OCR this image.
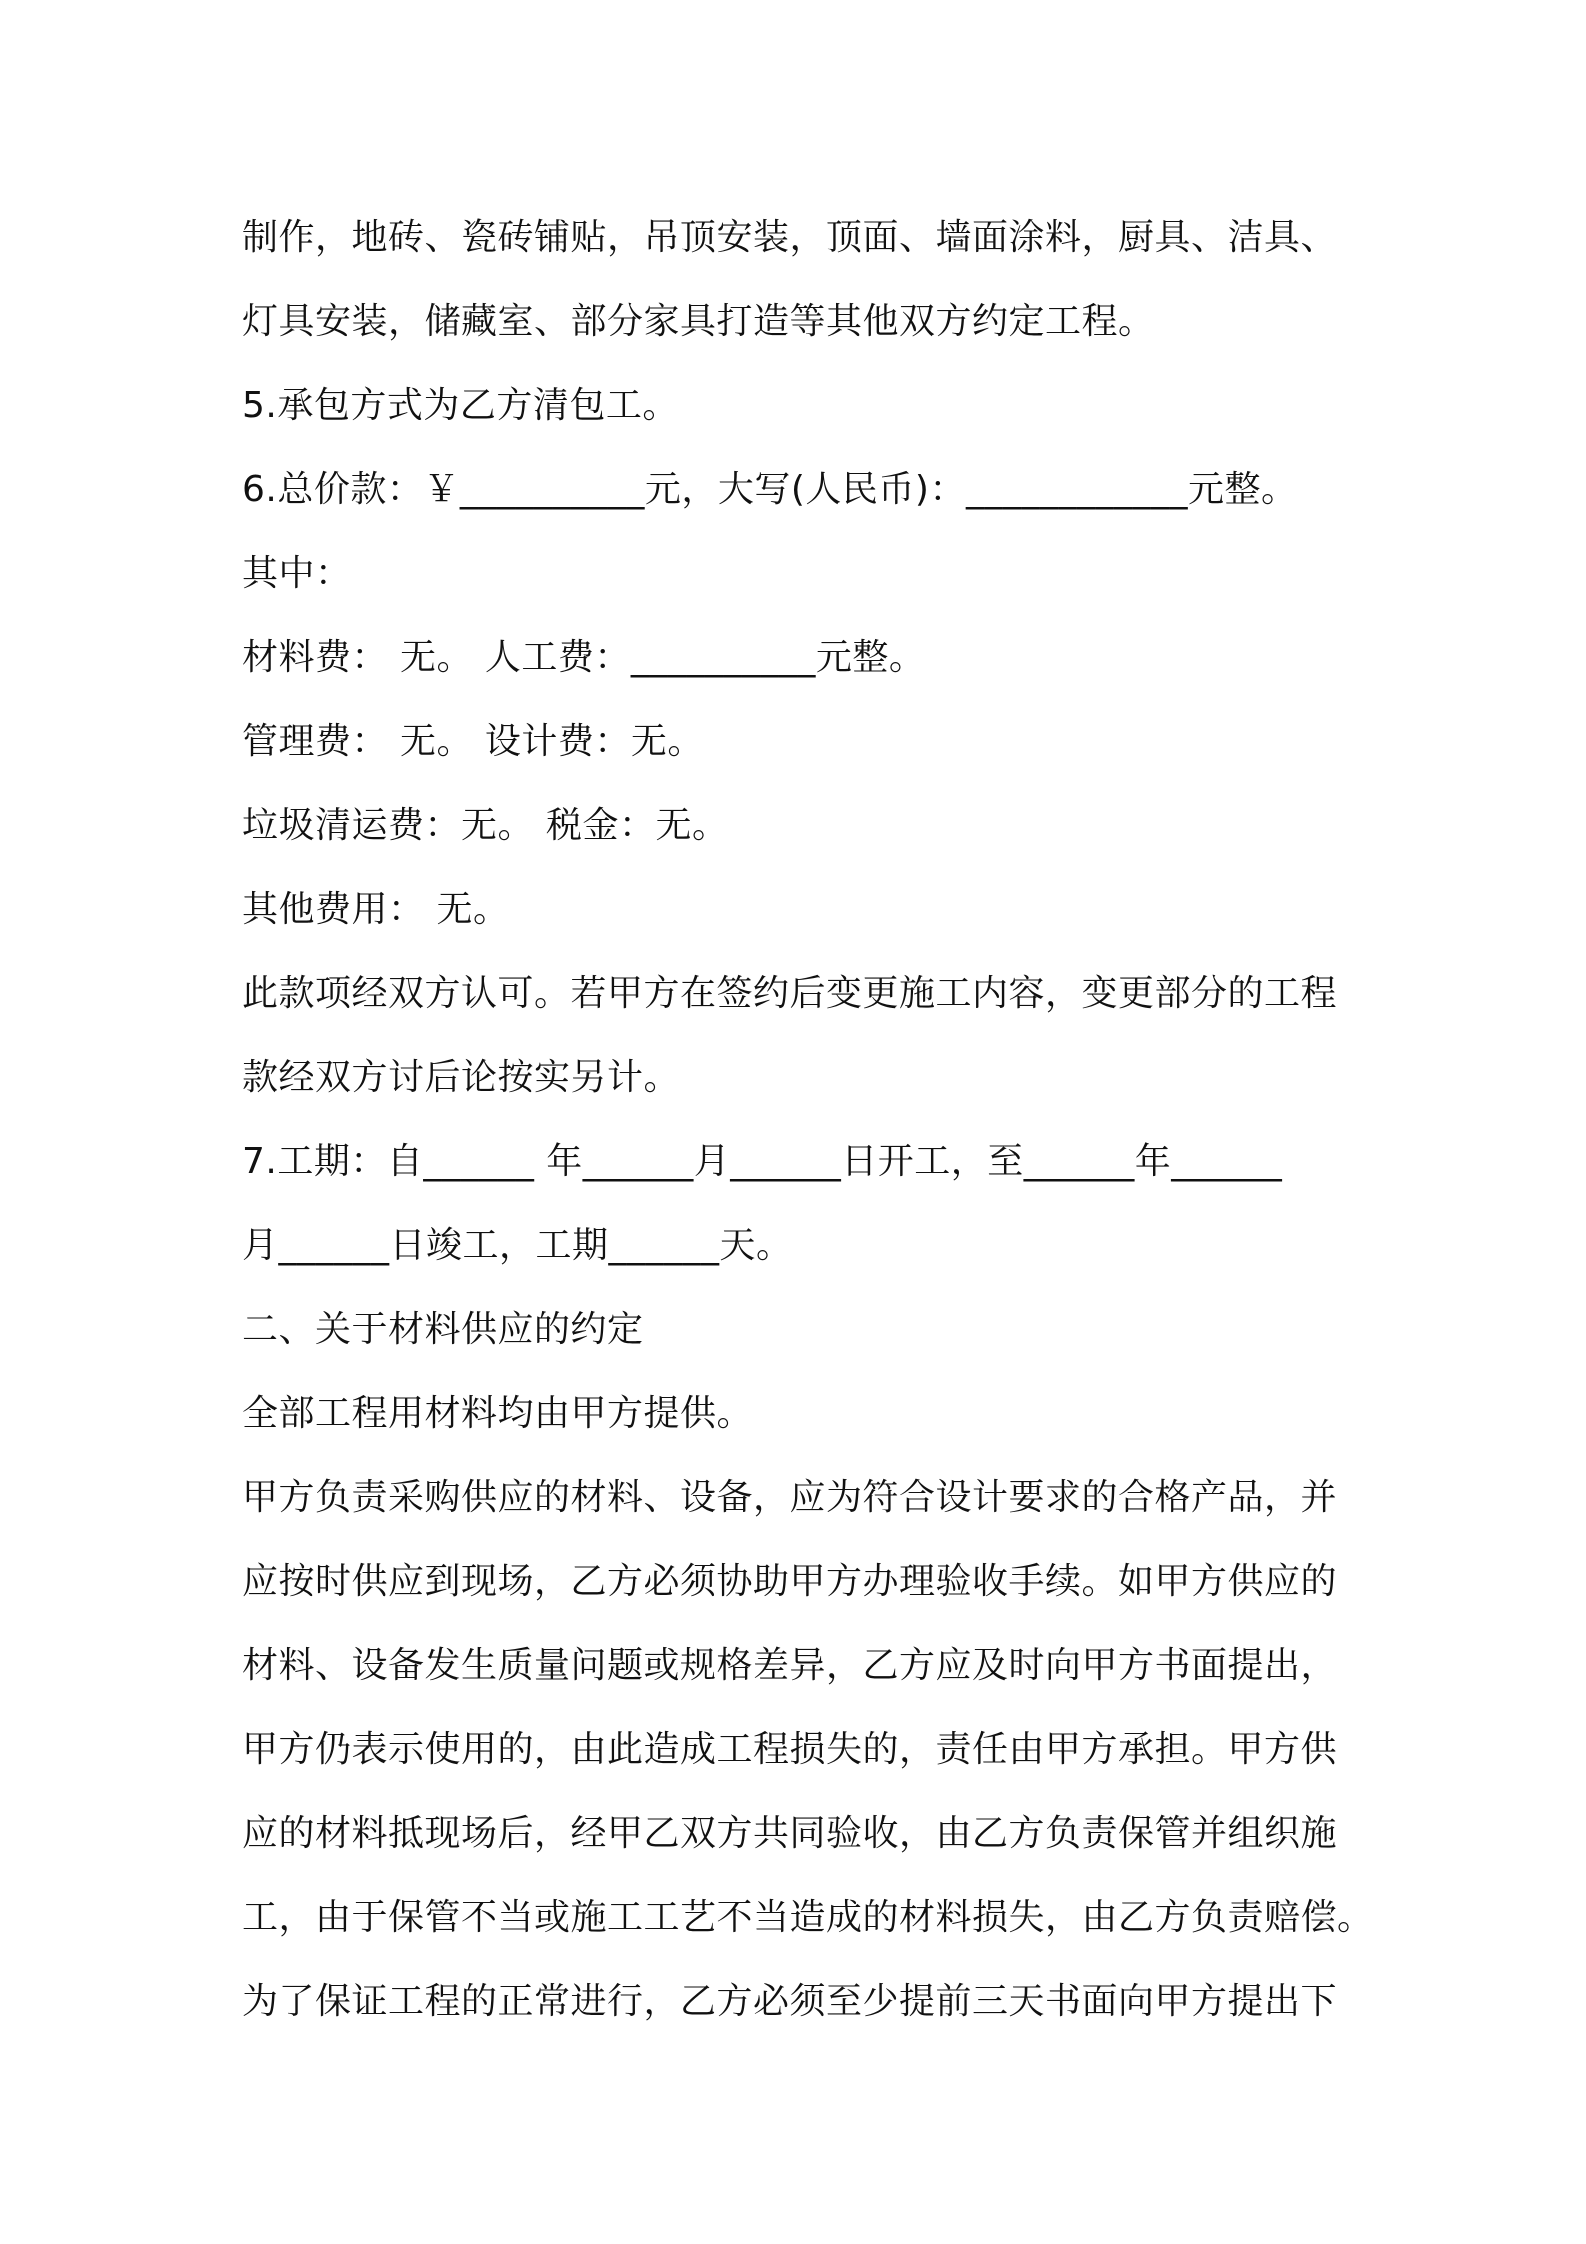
制作，地砖、瓷砖铺贴，吊顶安装，顶面、墙面涂料，厨具、洁具、
灯具安装，储藏室、部分家具打造等其他双方约定工程。
5.承包方式为乙方清包工。
6.总价款：￥__________元，大写(人民币)：____________元整。
其中：
材料费： 无。 人工费：__________元整。
管理费： 无。 设计费：无。
垃圾清运费：无。 税金：无。
其他费用： 无。
此款项经双方认可。若甲方在签约后变更施工内容，变更部分的工程
款经双方讨后论按实另计。
7.工期：自______ 年______月______日开工，至______年______
月______日竣工，工期______天。
二、关于材料供应的约定
全部工程用材料均由甲方提供。
甲方负责采购供应的材料、设备，应为符合设计要求的合格产品，并
应按时供应到现场，乙方必须协助甲方办理验收手续。如甲方供应的
材料、设备发生质量问题或规格差异，乙方应及时向甲方书面提出，
甲方仍表示使用的，由此造成工程损失的，责任由甲方承担。甲方供
应的材料抵现场后，经甲乙双方共同验收，由乙方负责保管并组织施
工，由于保管不当或施工工艺不当造成的材料损失，由乙方负责赔偿。
为了保证工程的正常进行，乙方必须至少提前三天书面向甲方提出下
